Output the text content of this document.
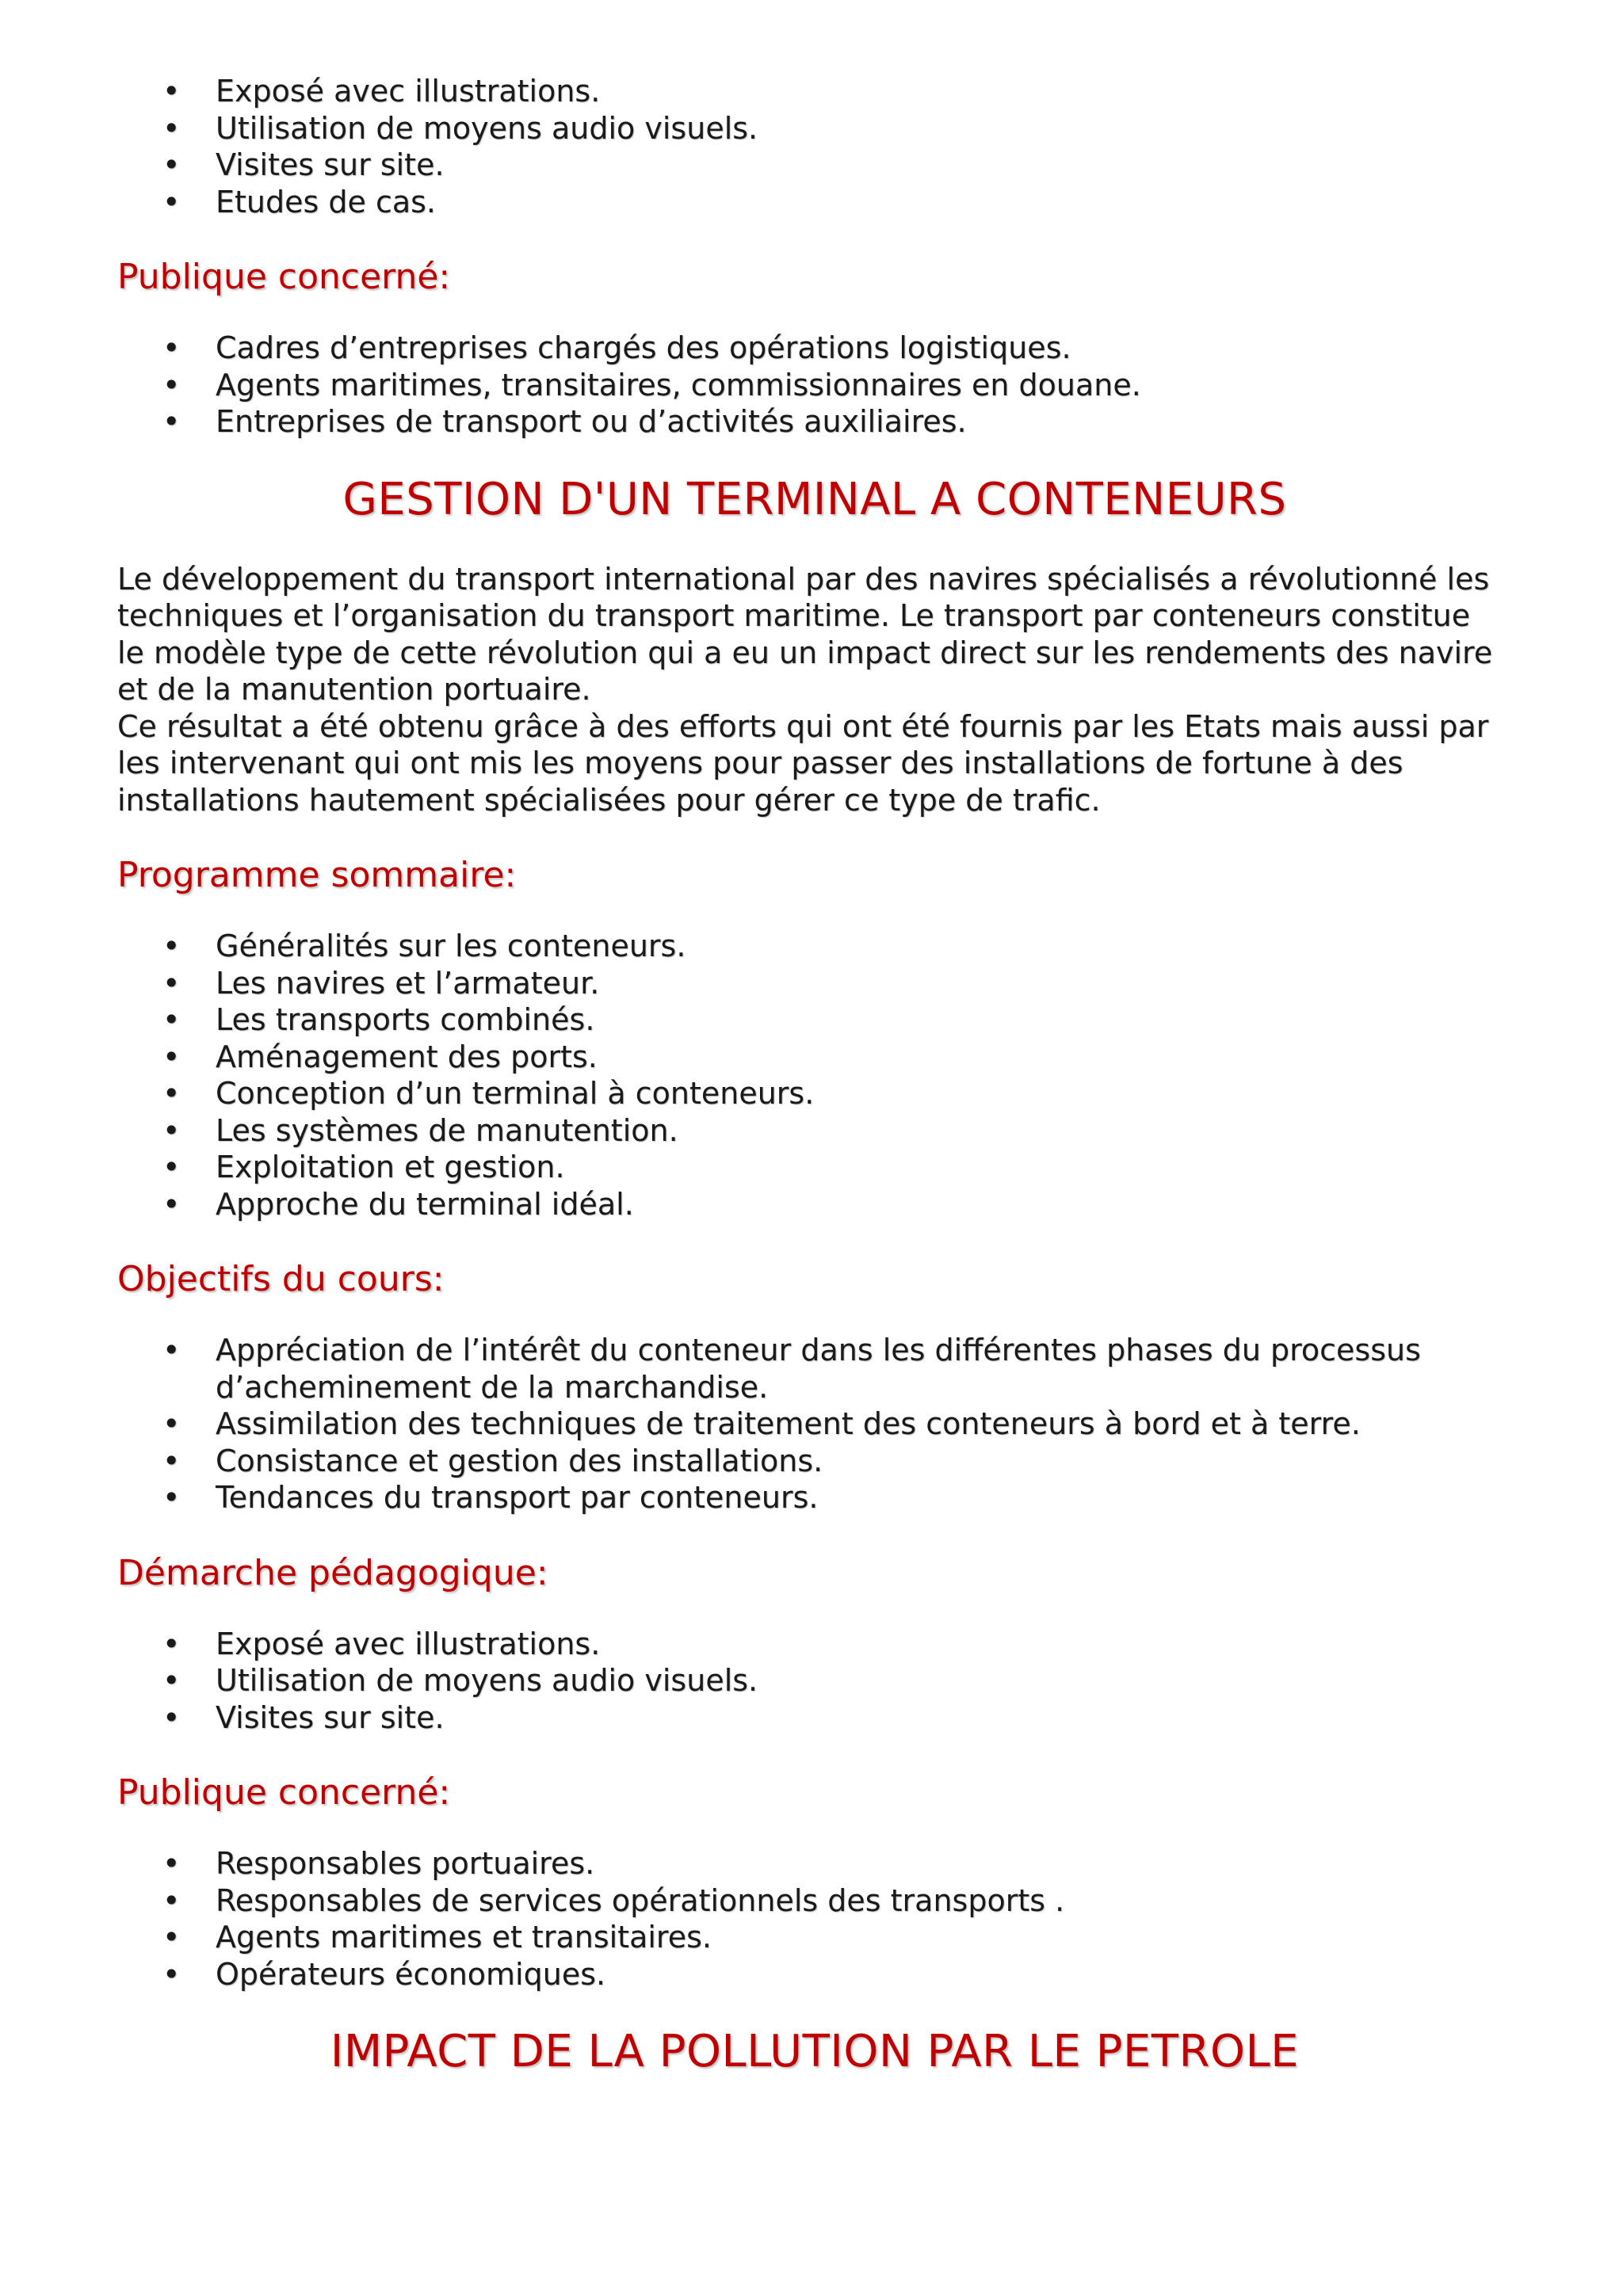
• Exposé avec illustrations.
• Utilisation de moyens audio visuels.
• Visites sur site.
• Etudes de cas.
Publique concerné:
• Cadres d’entreprises chargés des opérations logistiques.
• Agents maritimes, transitaires, commissionnaires en douane.
• Entreprises de transport ou d’activités auxiliaires.
GESTION D'UN TERMINAL A CONTENEURS
Le développement du transport international par des navires spécialisés a révolutionné les
techniques et l’organisation du transport maritime. Le transport par conteneurs constitue
le modèle type de cette révolution qui a eu un impact direct sur les rendements des navire
et de la manutention portuaire.
Ce résultat a été obtenu grâce à des efforts qui ont été fournis par les Etats mais aussi par
les intervenant qui ont mis les moyens pour passer des installations de fortune à des
installations hautement spécialisées pour gérer ce type de trafic.
Programme sommaire:
• Généralités sur les conteneurs.
• Les navires et l’armateur.
• Les transports combinés.
• Aménagement des ports.
• Conception d’un terminal à conteneurs.
• Les systèmes de manutention.
• Exploitation et gestion.
• Approche du terminal idéal.
Objectifs du cours:
• Appréciation de l’intérêt du conteneur dans les différentes phases du processus
d’acheminement de la marchandise.
• Assimilation des techniques de traitement des conteneurs à bord et à terre.
• Consistance et gestion des installations.
• Tendances du transport par conteneurs.
Démarche pédagogique:
• Exposé avec illustrations.
• Utilisation de moyens audio visuels.
• Visites sur site.
Publique concerné:
• Responsables portuaires.
• Responsables de services opérationnels des transports .
• Agents maritimes et transitaires.
• Opérateurs économiques.
IMPACT DE LA POLLUTION PAR LE PETROLE
